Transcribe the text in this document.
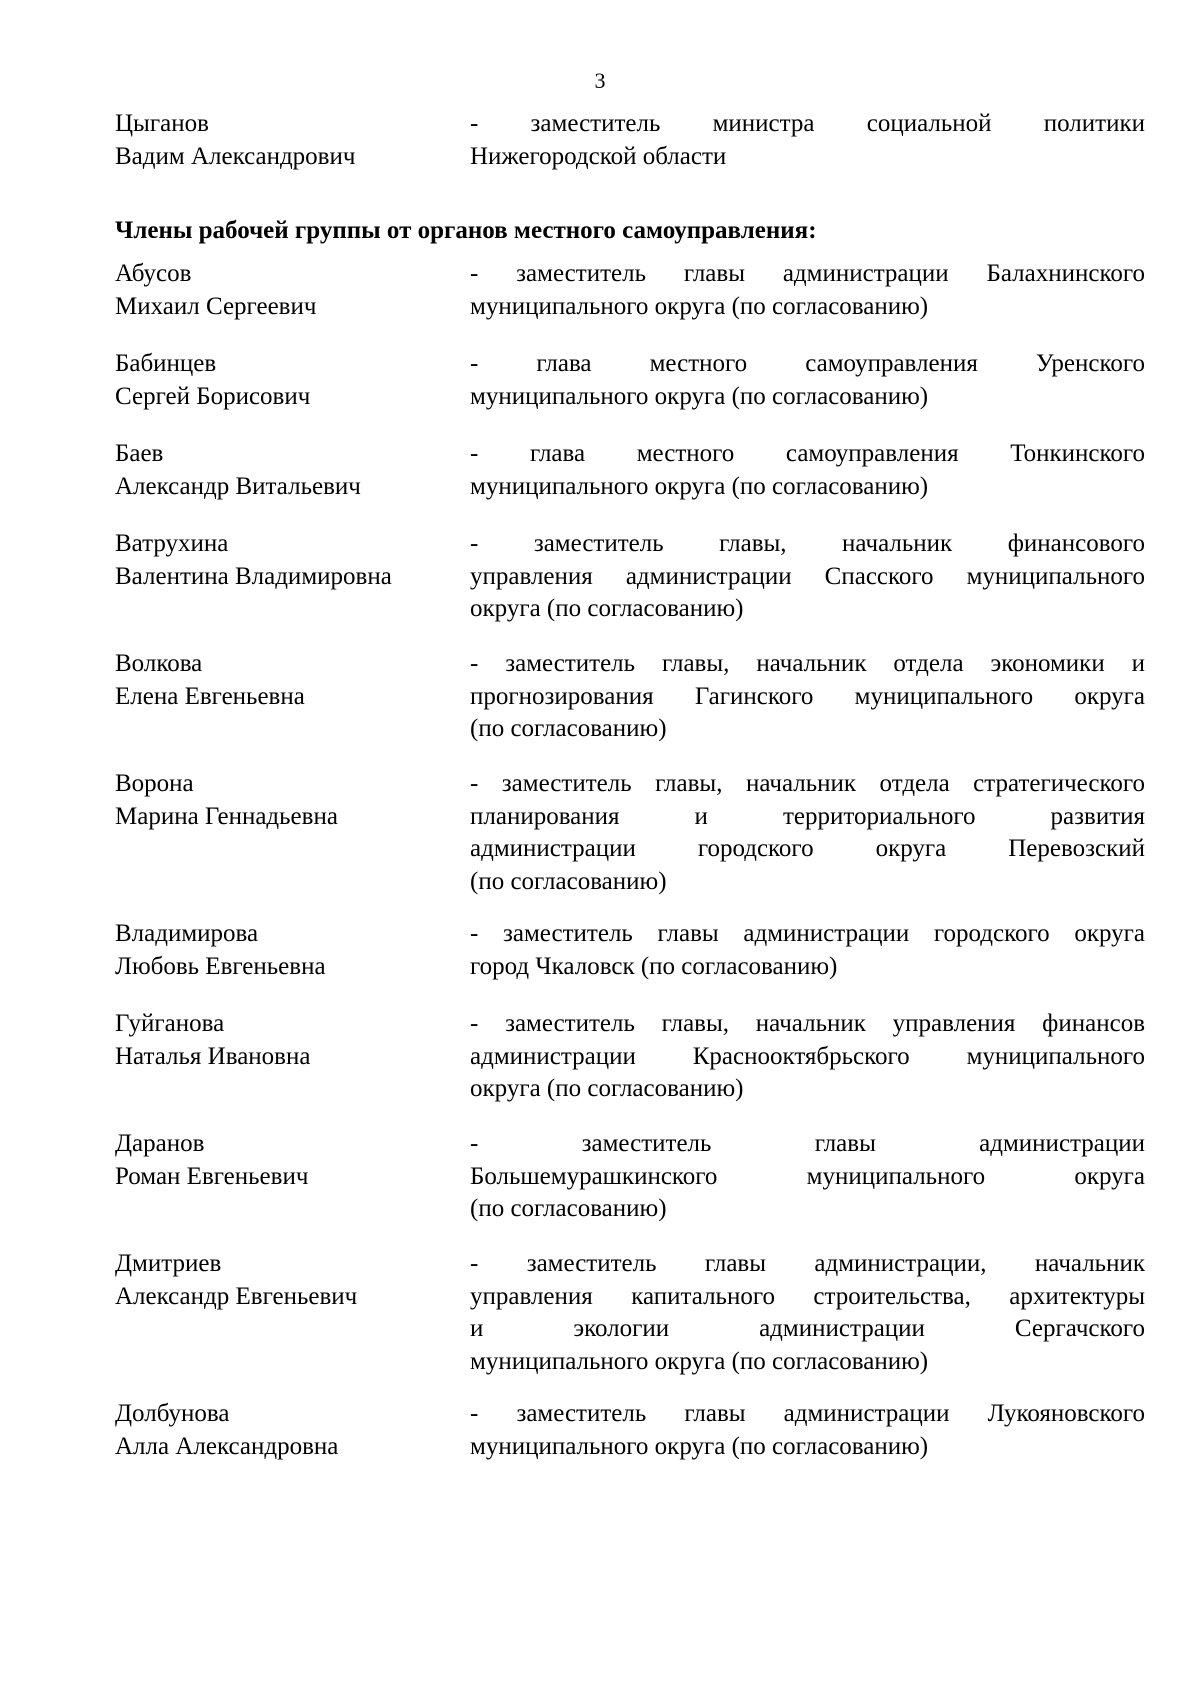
3
Цыганов
Вадим Александрович
- заместитель министра социальной политики
Нижегородской области
Члены рабочей группы от органов местного самоуправления:
Абусов
Михаил Сергеевич
- заместитель главы администрации Балахнинского
муниципального округа (по согласованию)
Бабинцев
Сергей Борисович
- глава местного самоуправления Уренского
муниципального округа (по согласованию)
Баев
Александр Витальевич
- глава местного самоуправления Тонкинского
муниципального округа (по согласованию)
Ватрухина
Валентина Владимировна
- заместитель главы, начальник финансового
управления администрации Спасского муниципального
округа (по согласованию)
Волкова
Елена Евгеньевна
- заместитель главы, начальник отдела экономики и
прогнозирования Гагинского муниципального округа
(по согласованию)
Ворона
Марина Геннадьевна
- заместитель главы, начальник отдела стратегического
планирования и территориального развития
администрации городского округа Перевозский
(по согласованию)
Владимирова
Любовь Евгеньевна
- заместитель главы администрации городского округа
город Чкаловск (по согласованию)
Гуйганова
Наталья Ивановна
- заместитель главы, начальник управления финансов
администрации Краснооктябрьского муниципального
округа (по согласованию)
Даранов
Роман Евгеньевич
- заместитель главы администрации
Большемурашкинского муниципального округа
(по согласованию)
Дмитриев
Александр Евгеньевич
- заместитель главы администрации, начальник
управления капитального строительства, архитектуры
и экологии администрации Сергачского
муниципального округа (по согласованию)
Долбунова
Алла Александровна
- заместитель главы администрации Лукояновского
муниципального округа (по согласованию)
